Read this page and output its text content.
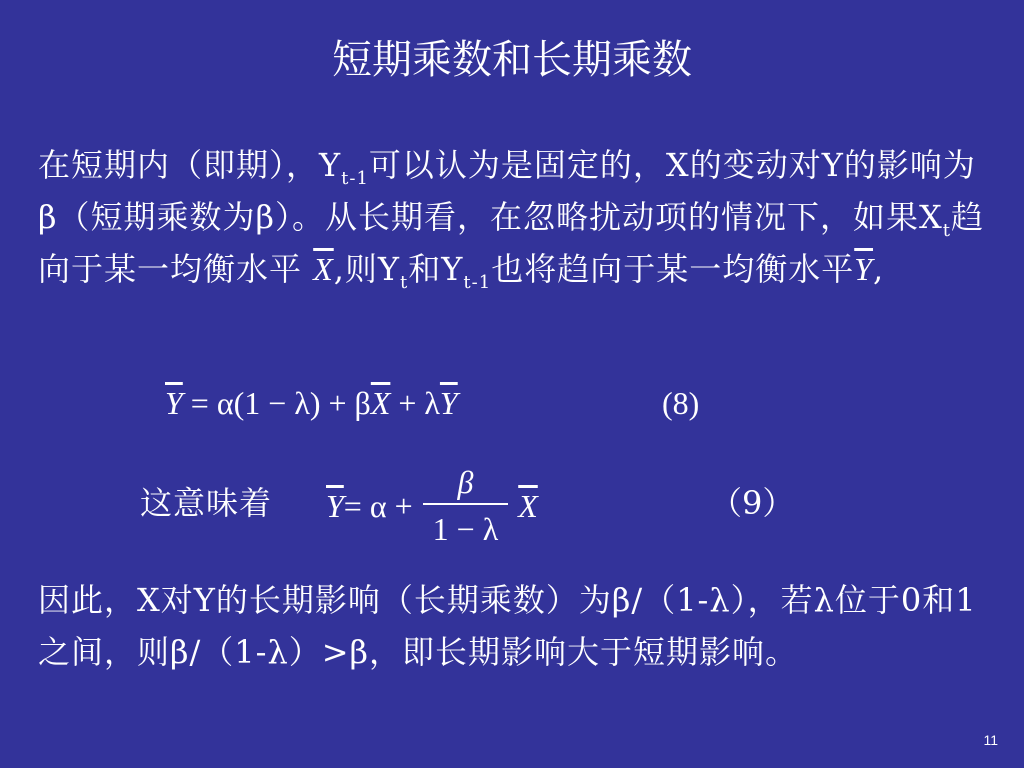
短期乘数和长期乘数
在短期内（即期），$Y_{t-1}$可以认为是固定的，X的变动对Y的影响为β（短期乘数为β）。从长期看，在忽略扰动项的情况下，如果$X_t$趋向于某一均衡水平 $\overline{X}$,则$Y_t$和$Y_{t-1}$也将趋向于某一均衡水平$\overline{Y}$,
$\overline{Y} = \alpha(1 - \lambda) + \beta\overline{X} + \lambda\overline{Y}$	(8)
这意味着 $\overline{Y} = \alpha + \frac{\beta}{1 - \lambda} \overline{X}$	（9）
因此，X对Y的长期影响（长期乘数）为β/（1-λ），若λ位于0和1之间，则β/（1-λ）>β，即长期影响大于短期影响。
11
